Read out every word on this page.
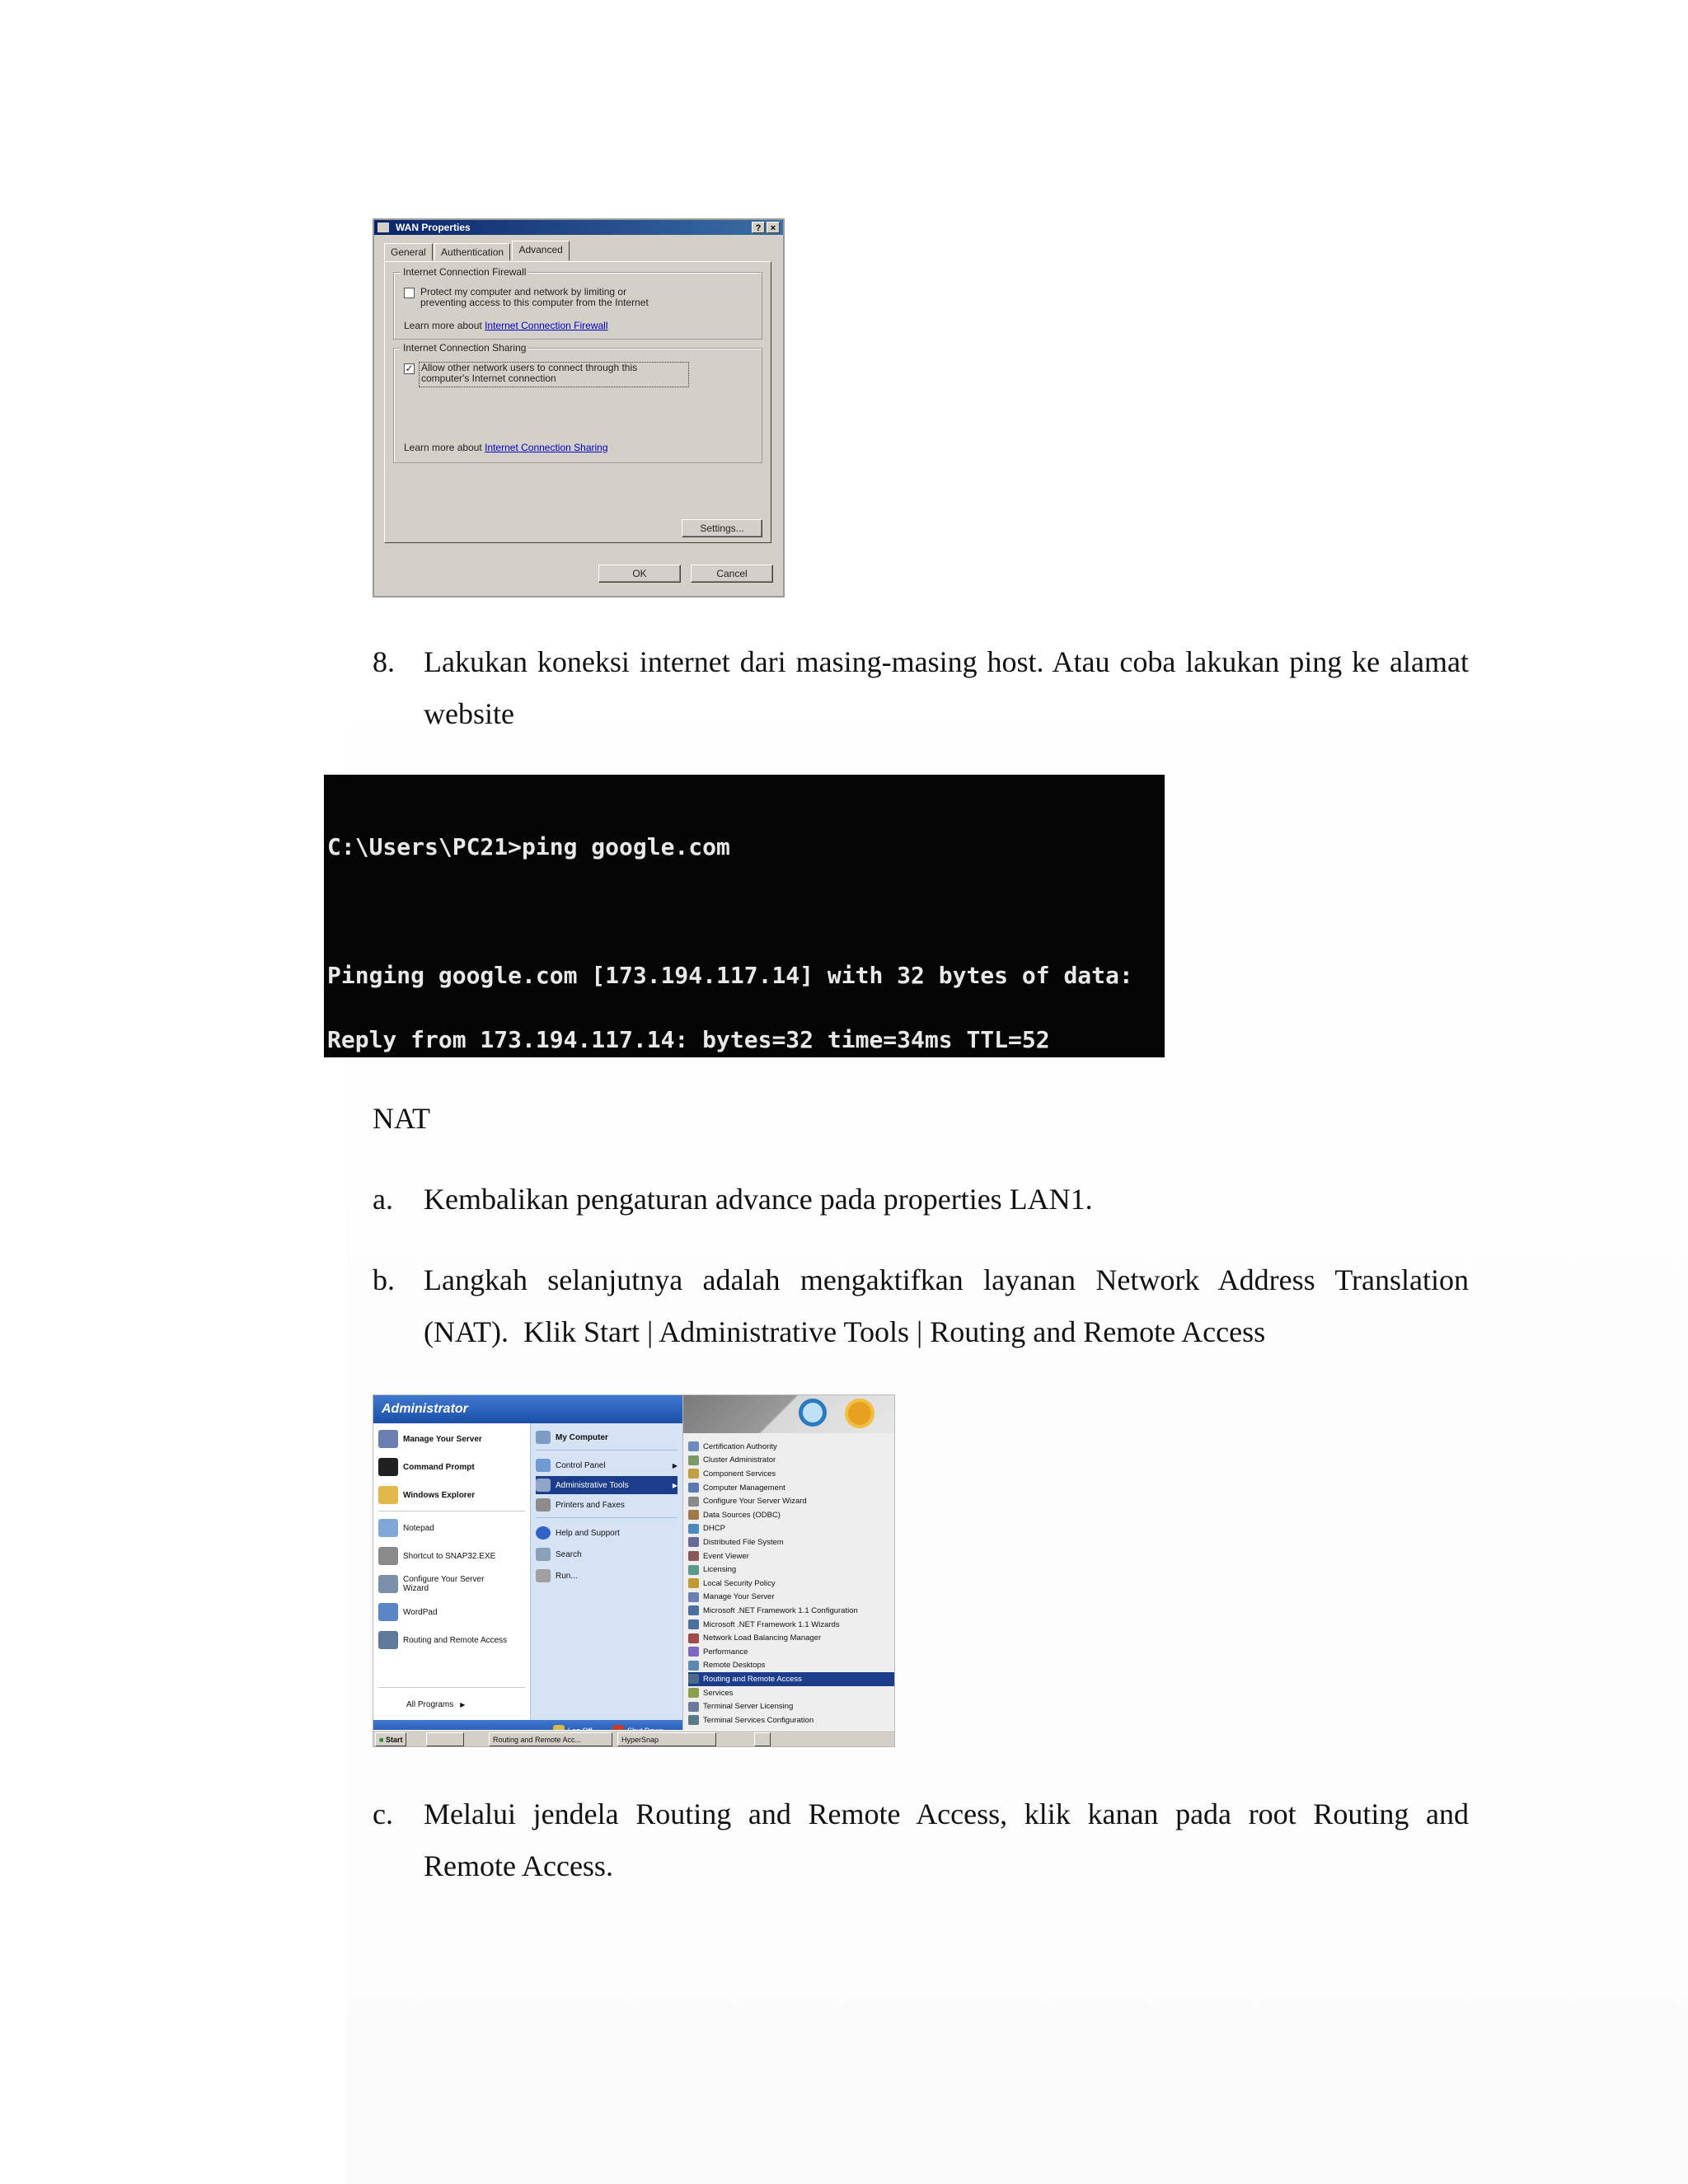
WAN Properties	?	×
General Authentication Advanced
Internet Connection Firewall
Protect my computer and network by limiting or
preventing access to this computer from the Internet
Learn more about Internet Connection Firewall
Internet Connection Sharing
✓ Allow other network users to connect through this
computer's Internet connection
Learn more about Internet Connection Sharing
Settings...
OK	Cancel
8. Lakukan koneksi internet dari masing-masing host. Atau coba lakukan ping ke alamat
website

C:\Users\PC21>ping google.com

Pinging google.com [173.194.117.14] with 32 bytes of data:

Reply from 173.194.117.14: bytes=32 time=34ms TTL=52

NAT
a. Kembalikan pengaturan advance pada properties LAN1.
b. Langkah selanjutnya adalah mengaktifkan layanan Network Address Translation
(NAT).  Klik Start | Administrative Tools | Routing and Remote Access
Administrator
Manage Your Server
Command Prompt
Windows Explorer
Notepad
Shortcut to SNAP32.EXE
Configure Your Server Wizard
WordPad
Routing and Remote Access
All Programs ▶
My Computer
Control Panel	▶
Administrative Tools	▶
Printers and Faxes
Help and Support
Search
Run...
Certification Authority
Cluster Administrator
Component Services
Computer Management
Configure Your Server Wizard
Data Sources (ODBC)
DHCP
Distributed File System
Event Viewer
Licensing
Local Security Policy
Manage Your Server
Microsoft .NET Framework 1.1 Configuration
Microsoft .NET Framework 1.1 Wizards
Network Load Balancing Manager
Performance
Remote Desktops
Routing and Remote Access
Services
Terminal Server Licensing
Terminal Services Configuration
■ Start	Routing and Remote Acc...	HyperSnap
c. Melalui jendela Routing and Remote Access, klik kanan pada root Routing and
Remote Access.
